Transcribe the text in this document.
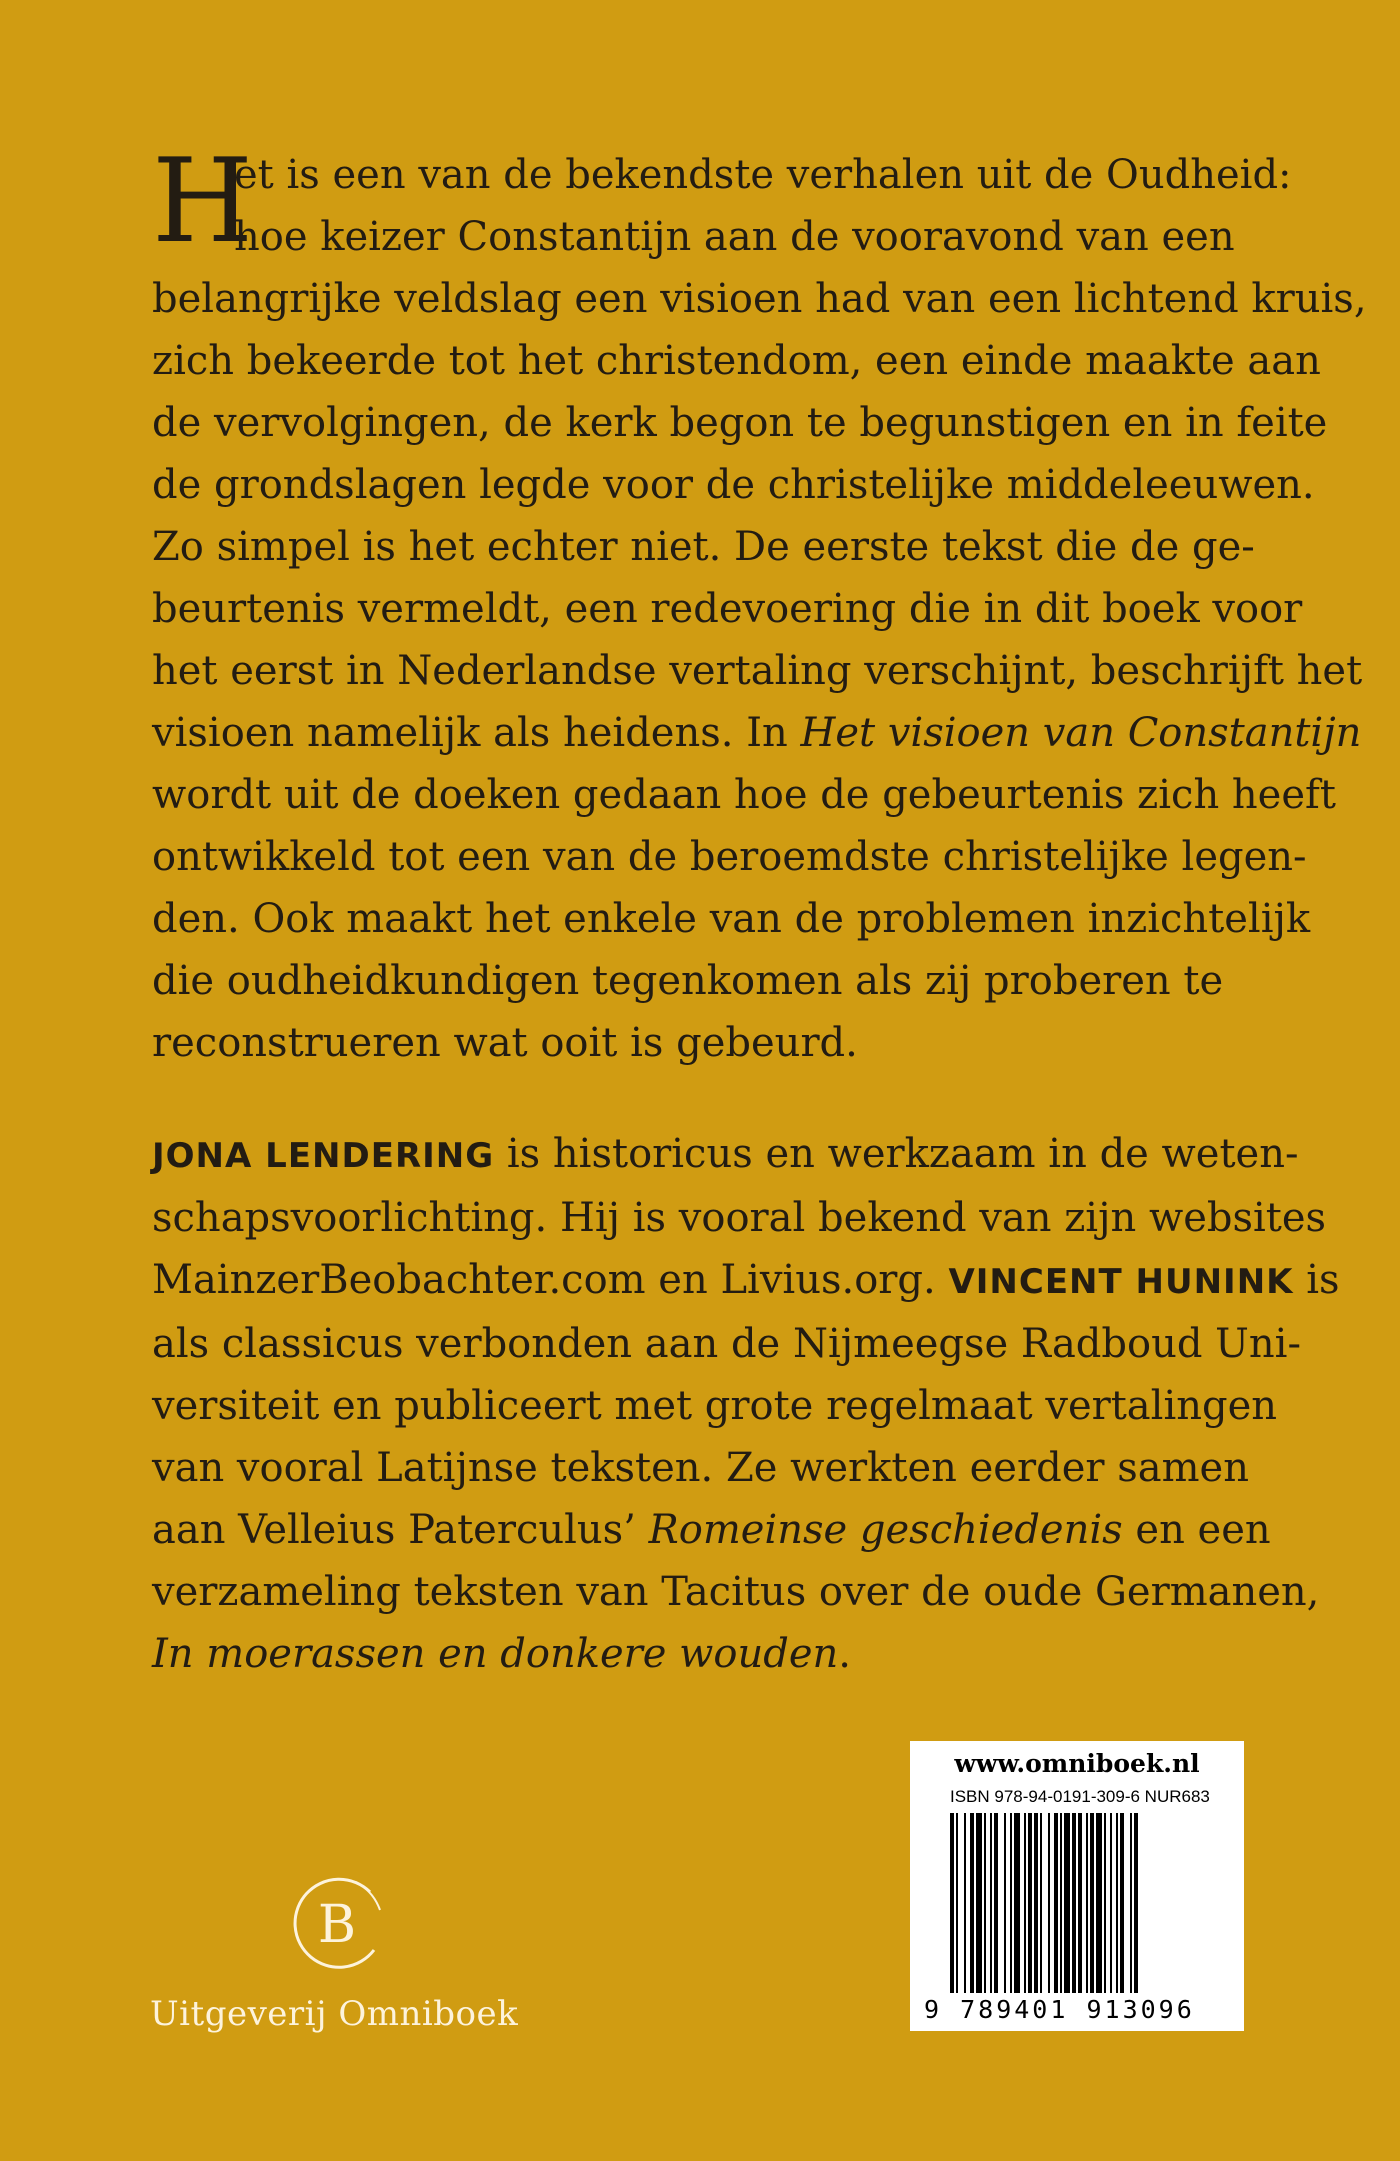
H
et is een van de bekendste verhalen uit de Oudheid:
hoe keizer Constantijn aan de vooravond van een
belangrijke veldslag een visioen had van een lichtend kruis,
zich bekeerde tot het christendom, een einde maakte aan
de vervolgingen, de kerk begon te begunstigen en in feite
de grondslagen legde voor de christelijke middeleeuwen.
Zo simpel is het echter niet. De eerste tekst die de ge-
beurtenis vermeldt, een redevoering die in dit boek voor
het eerst in Nederlandse vertaling verschijnt, beschrijft het
visioen namelijk als heidens. In Het visioen van Constantijn
wordt uit de doeken gedaan hoe de gebeurtenis zich heeft
ontwikkeld tot een van de beroemdste christelijke legen-
den. Ook maakt het enkele van de problemen inzichtelijk
die oudheidkundigen tegenkomen als zij proberen te
reconstrueren wat ooit is gebeurd.
JONA LENDERING is historicus en werkzaam in de weten-
schapsvoorlichting. Hij is vooral bekend van zijn websites
MainzerBeobachter.com en Livius.org. VINCENT HUNINK is
als classicus verbonden aan de Nijmeegse Radboud Uni-
versiteit en publiceert met grote regelmaat vertalingen
van vooral Latijnse teksten. Ze werkten eerder samen
aan Velleius Paterculus’ Romeinse geschiedenis en een
verzameling teksten van Tacitus over de oude Germanen,
In moerassen en donkere wouden.
www.omniboek.nl
ISBN 978-94-0191-309-6 NUR683
9 789401 913096
B
Uitgeverij Omniboek
